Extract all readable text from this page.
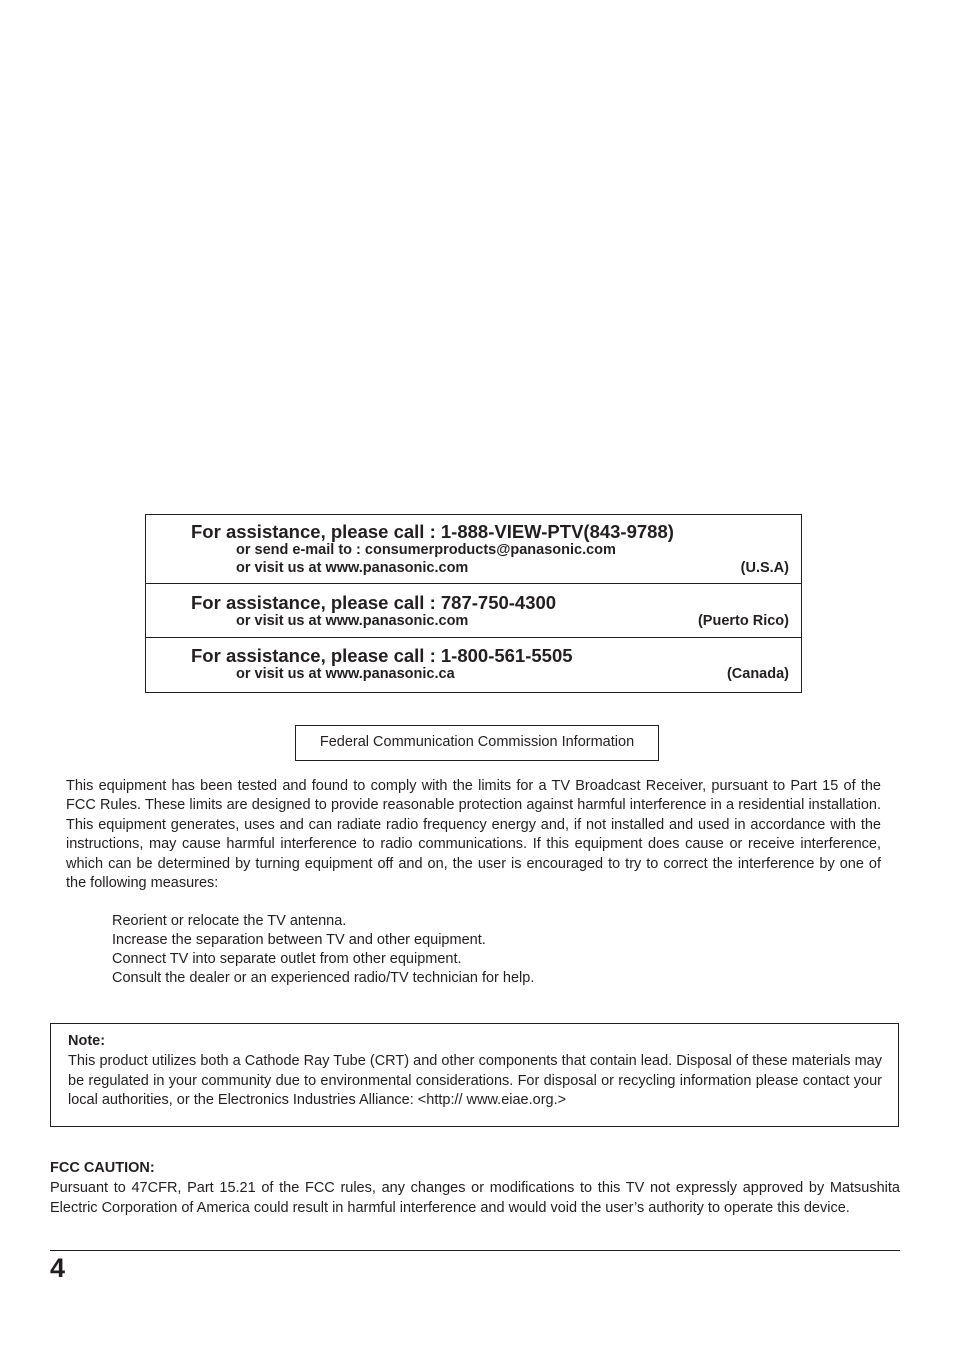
For assistance, please call : 1-888-VIEW-PTV(843-9788)
or send e-mail to : consumerproducts@panasonic.com
or visit us at www.panasonic.com	(U.S.A)
For assistance, please call : 787-750-4300
or visit us at www.panasonic.com	(Puerto Rico)
For assistance, please call : 1-800-561-5505
or visit us at www.panasonic.ca	(Canada)
Federal Communication Commission Information

This equipment has been tested and found to comply with the limits for a TV Broadcast Receiver, pursuant to Part 15 of the FCC Rules. These limits are designed to provide reasonable protection against harmful interference in a residential installation. This equipment generates, uses and can radiate radio frequency energy and, if not installed and used in accordance with the instructions, may cause harmful interference to radio communications. If this equipment does cause or receive interference, which can be determined by turning equipment off and on, the user is encouraged to try to correct the interference by one of the following measures:

Reorient or relocate the TV antenna.
Increase the separation between TV and other equipment.
Connect TV into separate outlet from other equipment.
Consult the dealer or an experienced radio/TV technician for help.
Note:

This product utilizes both a Cathode Ray Tube (CRT) and other components that contain lead. Disposal of these materials may be regulated in your community due to environmental considerations. For disposal or recycling information please contact your local authorities, or the Electronics Industries Alliance: <http:// www.eiae.org.>

FCC CAUTION:

Pursuant to 47CFR, Part 15.21 of the FCC rules, any changes or modifications to this TV not expressly approved by Matsushita Electric Corporation of America could result in harmful interference and would void the user’s authority to operate this device.

4
